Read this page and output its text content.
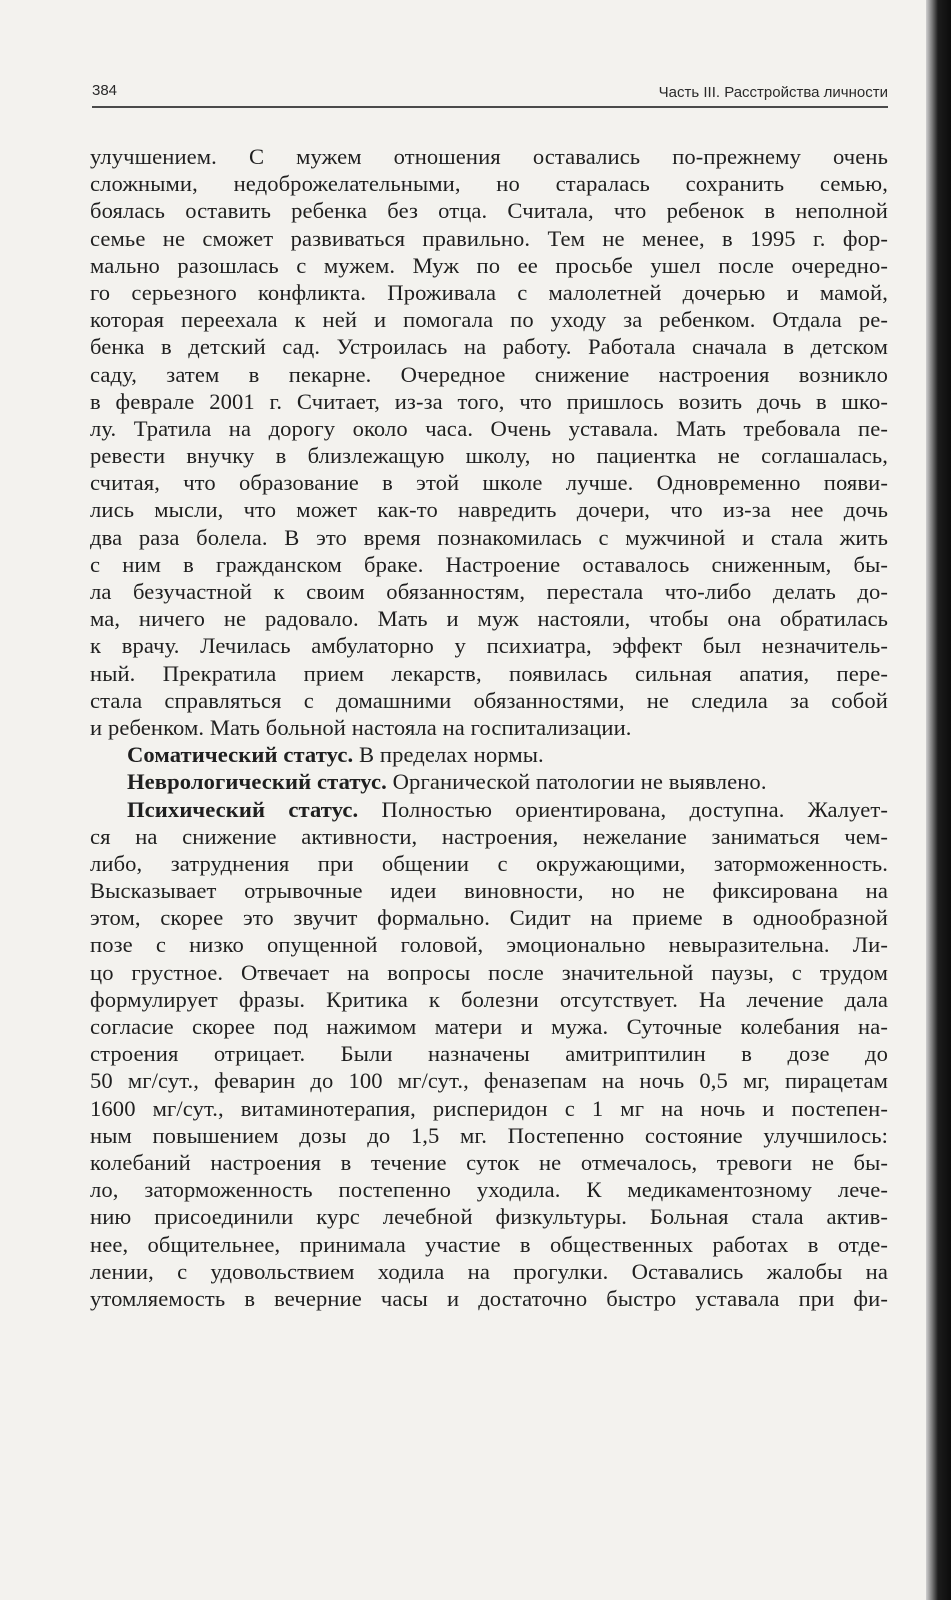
384	Часть III. Расстройства личности
улучшением. С мужем отношения оставались по-прежнему очень
сложными, недоброжелательными, но старалась сохранить семью,
боялась оставить ребенка без отца. Считала, что ребенок в неполной
семье не сможет развиваться правильно. Тем не менее, в 1995 г. фор-
мально разошлась с мужем. Муж по ее просьбе ушел после очередно-
го серьезного конфликта. Проживала с малолетней дочерью и мамой,
которая переехала к ней и помогала по уходу за ребенком. Отдала ре-
бенка в детский сад. Устроилась на работу. Работала сначала в детском
саду, затем в пекарне. Очередное снижение настроения возникло
в феврале 2001 г. Считает, из-за того, что пришлось возить дочь в шко-
лу. Тратила на дорогу около часа. Очень уставала. Мать требовала пе-
ревести внучку в близлежащую школу, но пациентка не соглашалась,
считая, что образование в этой школе лучше. Одновременно появи-
лись мысли, что может как-то навредить дочери, что из-за нее дочь
два раза болела. В это время познакомилась с мужчиной и стала жить
с ним в гражданском браке. Настроение оставалось сниженным, бы-
ла безучастной к своим обязанностям, перестала что-либо делать до-
ма, ничего не радовало. Мать и муж настояли, чтобы она обратилась
к врачу. Лечилась амбулаторно у психиатра, эффект был незначитель-
ный. Прекратила прием лекарств, появилась сильная апатия, пере-
стала справляться с домашними обязанностями, не следила за собой
и ребенком. Мать больной настояла на госпитализации.
Соматический статус. В пределах нормы.
Неврологический статус. Органической патологии не выявлено.
Психический статус. Полностью ориентирована, доступна. Жалует-
ся на снижение активности, настроения, нежелание заниматься чем-
либо, затруднения при общении с окружающими, заторможенность.
Высказывает отрывочные идеи виновности, но не фиксирована на
этом, скорее это звучит формально. Сидит на приеме в однообразной
позе с низко опущенной головой, эмоционально невыразительна. Ли-
цо грустное. Отвечает на вопросы после значительной паузы, с трудом
формулирует фразы. Критика к болезни отсутствует. На лечение дала
согласие скорее под нажимом матери и мужа. Суточные колебания на-
строения отрицает. Были назначены амитриптилин в дозе до
50 мг/сут., феварин до 100 мг/сут., феназепам на ночь 0,5 мг, пирацетам
1600 мг/сут., витаминотерапия, рисперидон с 1 мг на ночь и постепен-
ным повышением дозы до 1,5 мг. Постепенно состояние улучшилось:
колебаний настроения в течение суток не отмечалось, тревоги не бы-
ло, заторможенность постепенно уходила. К медикаментозному лече-
нию присоединили курс лечебной физкультуры. Больная стала актив-
нее, общительнее, принимала участие в общественных работах в отде-
лении, с удовольствием ходила на прогулки. Оставались жалобы на
утомляемость в вечерние часы и достаточно быстро уставала при фи-
